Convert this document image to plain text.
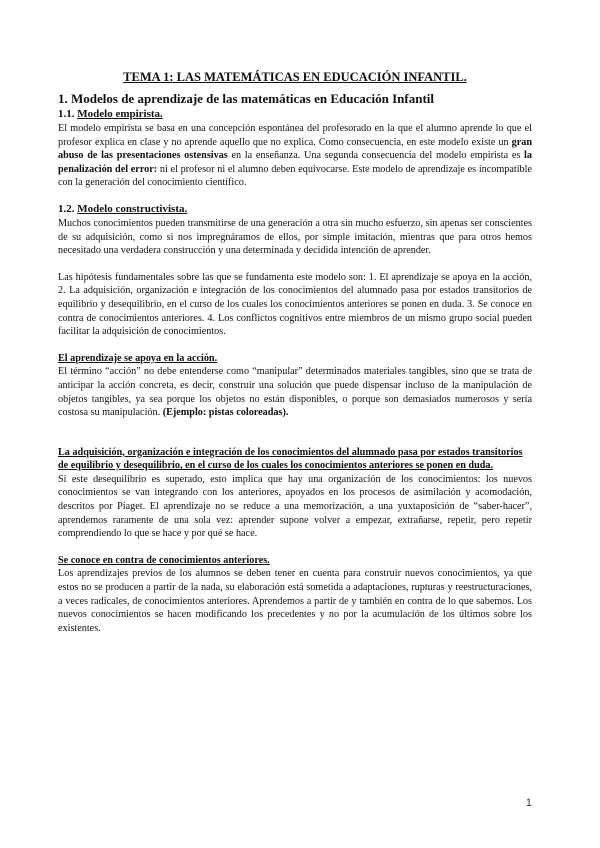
TEMA 1: LAS MATEMÁTICAS EN EDUCACIÓN INFANTIL.
1. Modelos de aprendizaje de las matemáticas en Educación Infantil
1.1. Modelo empirista.

El modelo empirista se basa en una concepción espontánea del profesorado en la que el alumno aprende lo que el profesor explica en clase y no aprende aquello que no explica. Como consecuencia, en este modelo existe un gran abuso de las presentaciones ostensivas en la enseñanza. Una segunda consecuencia del modelo empirista es la penalización del error: ni el profesor ni el alumno deben equivocarse. Este modelo de aprendizaje es incompatible con la generación del conocimiento científico.

1.2. Modelo constructivista.

Muchos conocimientos pueden transmitirse de una generación a otra sin mucho esfuerzo, sin apenas ser conscientes de su adquisición, como si nos impregnáramos de ellos, por simple imitación, mientras que para otros hemos necesitado una verdadera construcción y una determinada y decidida intención de aprender.

Las hipótesis fundamentales sobre las que se fundamenta este modelo son: 1. El aprendizaje se apoya en la acción, 2. La adquisición, organización e integración de los conocimientos del alumnado pasa por estados transitorios de equilibrio y desequilibrio, en el curso de los cuales los conocimientos anteriores se ponen en duda. 3. Se conoce en contra de conocimientos anteriores. 4. Los conflictos cognitivos entre miembros de un mismo grupo social pueden facilitar la adquisición de conocimientos.

El aprendizaje se apoya en la acción.

El término “acción” no debe entenderse como “manipular” determinados materiales tangibles, sino que se trata de anticipar la acción concreta, es decir, construir una solución que puede dispensar incluso de la manipulación de objetos tangibles, ya sea porque los objetos no están disponibles, o porque son demasiados numerosos y sería costosa su manipulación. (Ejemplo: pistas coloreadas).

La adquisición, organización e integración de los conocimientos del alumnado pasa por estados transitorios de equilibrio y desequilibrio, en el curso de los cuales los conocimientos anteriores se ponen en duda.

Si este desequilibrio es superado, esto implica que hay una organización de los conocimientos: los nuevos conocimientos se van integrando con los anteriores, apoyados en los procesos de asimilación y acomodación, descritos por Piaget. El aprendizaje no se reduce a una memorización, a una yuxtaposición de “saber-hacer”, aprendemos raramente de una sola vez: aprender supone volver a empezar, extrañarse, repetir, pero repetir comprendiendo lo que se hace y por qué se hace.

Se conoce en contra de conocimientos anteriores.

Los aprendizajes previos de los alumnos se deben tener en cuenta para construir nuevos conocimientos, ya que estos no se producen a partir de la nada, su elaboración está sometida a adaptaciones, rupturas y reestructuraciones, a veces radicales, de conocimientos anteriores. Aprendemos a partir de y también en contra de lo que sabemos. Los nuevos conocimientos se hacen modificando los precedentes y no por la acumulación de los últimos sobre los existentes.

1
